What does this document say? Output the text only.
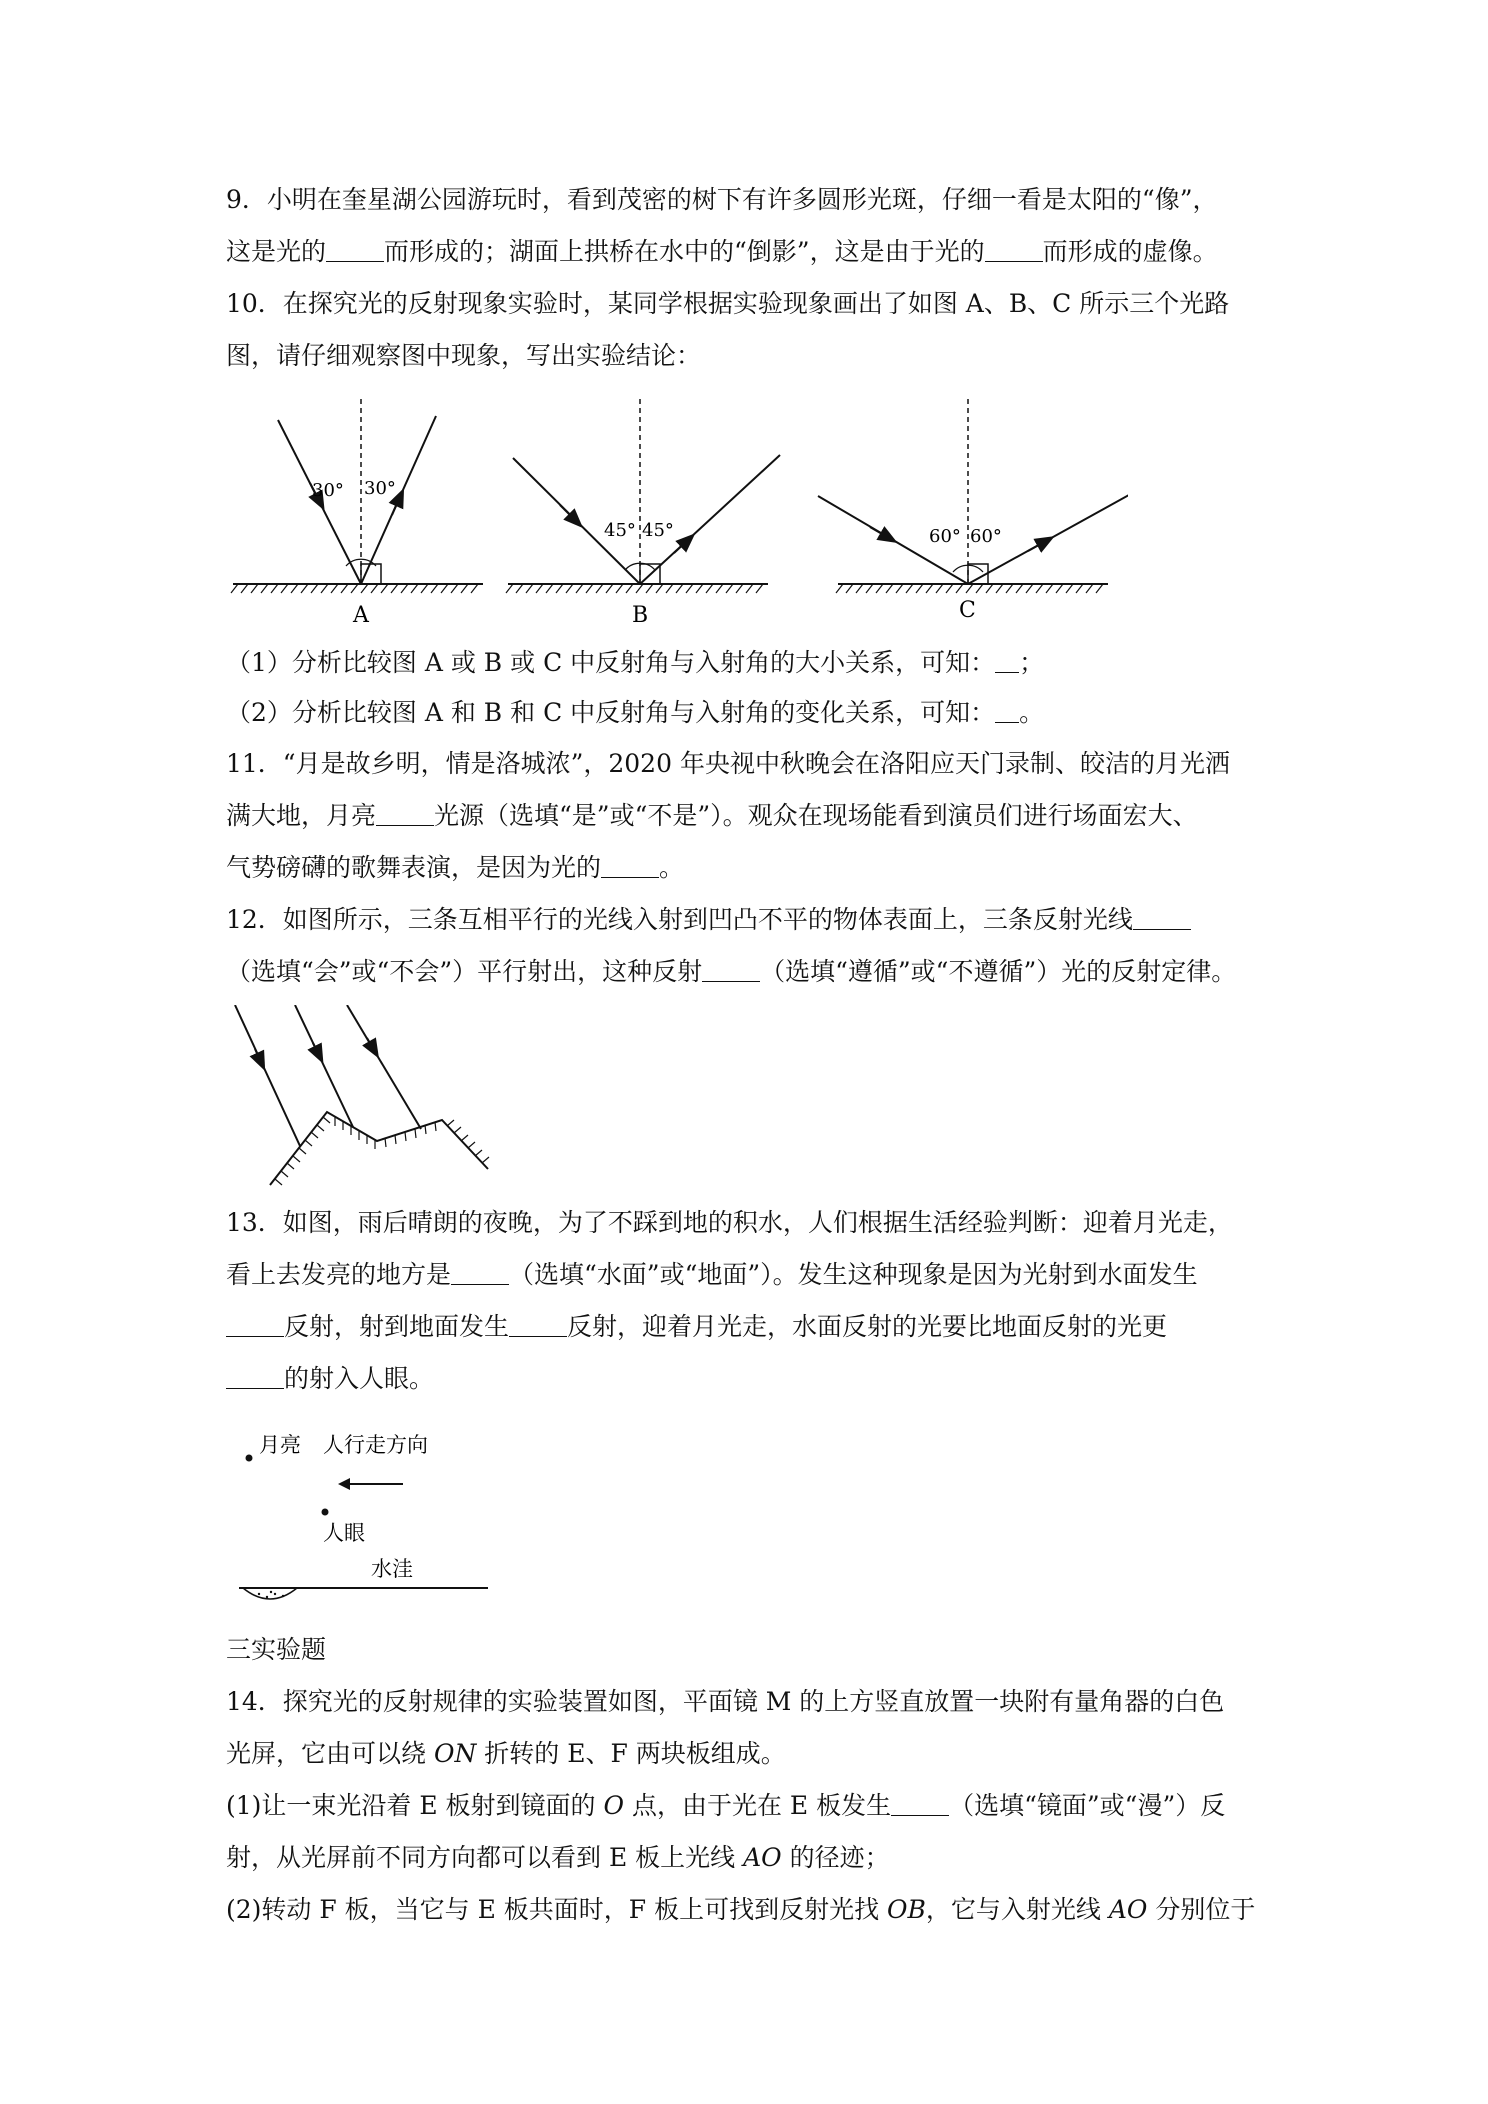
9．小明在奎星湖公园游玩时，看到茂密的树下有许多圆形光斑，仔细一看是太阳的“像”，
这是光的 而形成的；湖面上拱桥在水中的“倒影”，这是由于光的 而形成的虚像。
10．在探究光的反射现象实验时，某同学根据实验现象画出了如图 A、B、C 所示三个光路
图，请仔细观察图中现象，写出实验结论：
30° 30°
A
45° 45°
B
60° 60°
C
（1）分析比较图 A 或 B 或 C 中反射角与入射角的大小关系，可知： ；
（2）分析比较图 A 和 B 和 C 中反射角与入射角的变化关系，可知： 。
11．“月是故乡明，情是洛城浓”，2020 年央视中秋晚会在洛阳应天门录制、皎洁的月光洒
满大地，月亮 光源（选填“是”或“不是”）。观众在现场能看到演员们进行场面宏大、
气势磅礴的歌舞表演，是因为光的 。
12．如图所示，三条互相平行的光线入射到凹凸不平的物体表面上，三条反射光线
（选填“会”或“不会”）平行射出，这种反射 （选填“遵循”或“不遵循”）光的反射定律。
13．如图，雨后晴朗的夜晚，为了不踩到地的积水，人们根据生活经验判断：迎着月光走，
看上去发亮的地方是 （选填“水面”或“地面”）。发生这种现象是因为光射到水面发生
反射，射到地面发生 反射，迎着月光走，水面反射的光要比地面反射的光更
的射入人眼。
月亮 人行走方向
人眼
水洼
三实验题
14．探究光的反射规律的实验装置如图，平面镜 M 的上方竖直放置一块附有量角器的白色
光屏，它由可以绕 ON 折转的 E、F 两块板组成。
(1)让一束光沿着 E 板射到镜面的 O 点，由于光在 E 板发生 （选填“镜面”或“漫”）反
射，从光屏前不同方向都可以看到 E 板上光线 AO 的径迹；
(2)转动 F 板，当它与 E 板共面时，F 板上可找到反射光找 OB，它与入射光线 AO 分别位于
